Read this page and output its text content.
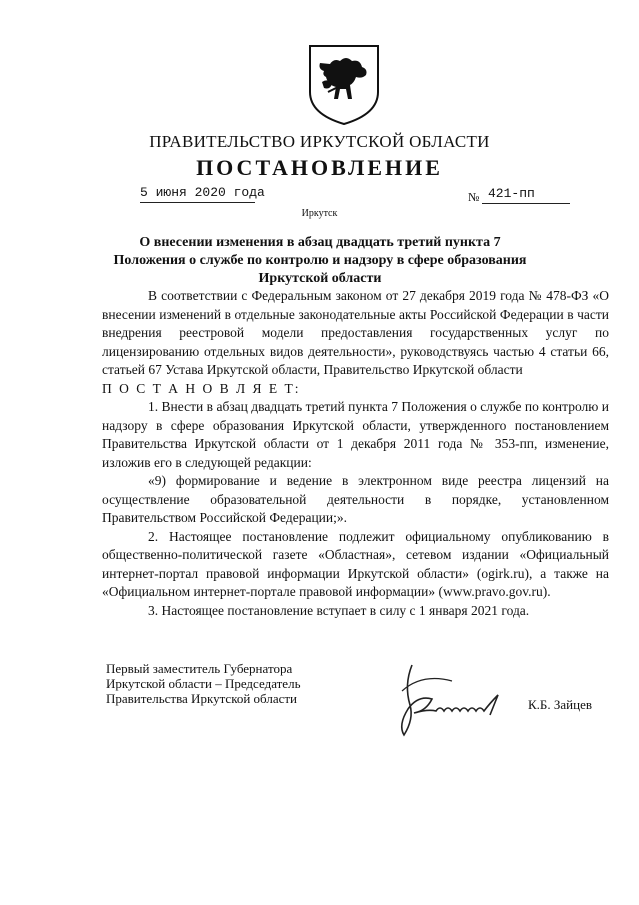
ПРАВИТЕЛЬСТВО ИРКУТСКОЙ ОБЛАСТИ
ПОСТАНОВЛЕНИЕ
5 июня 2020 года	№ 421-пп
Иркутск
О внесении изменения в абзац двадцать третий пункта 7 Положения о службе по контролю и надзору в сфере образования Иркутской области

В соответствии с Федеральным законом от 27 декабря 2019 года № 478-ФЗ «О внесении изменений в отдельные законодательные акты Российской Федерации в части внедрения реестровой модели предоставления государственных услуг по лицензированию отдельных видов деятельности», руководствуясь частью 4 статьи 66, статьей 67 Устава Иркутской области, Правительство Иркутской области

П О С Т А Н О В Л Я Е Т:

1. Внести в абзац двадцать третий пункта 7 Положения о службе по контролю и надзору в сфере образования Иркутской области, утвержденного постановлением Правительства Иркутской области от 1 декабря 2011 года № 353-пп, изменение, изложив его в следующей редакции:

«9) формирование и ведение в электронном виде реестра лицензий на осуществление образовательной деятельности в порядке, установленном Правительством Российской Федерации;».

2. Настоящее постановление подлежит официальному опубликованию в общественно-политической газете «Областная», сетевом издании «Официальный интернет-портал правовой информации Иркутской области» (ogirk.ru), а также на «Официальном интернет-портале правовой информации» (www.pravo.gov.ru).

3. Настоящее постановление вступает в силу с 1 января 2021 года.

Первый заместитель Губернатора
Иркутской области – Председатель
Правительства Иркутской области	К.Б. Зайцев
